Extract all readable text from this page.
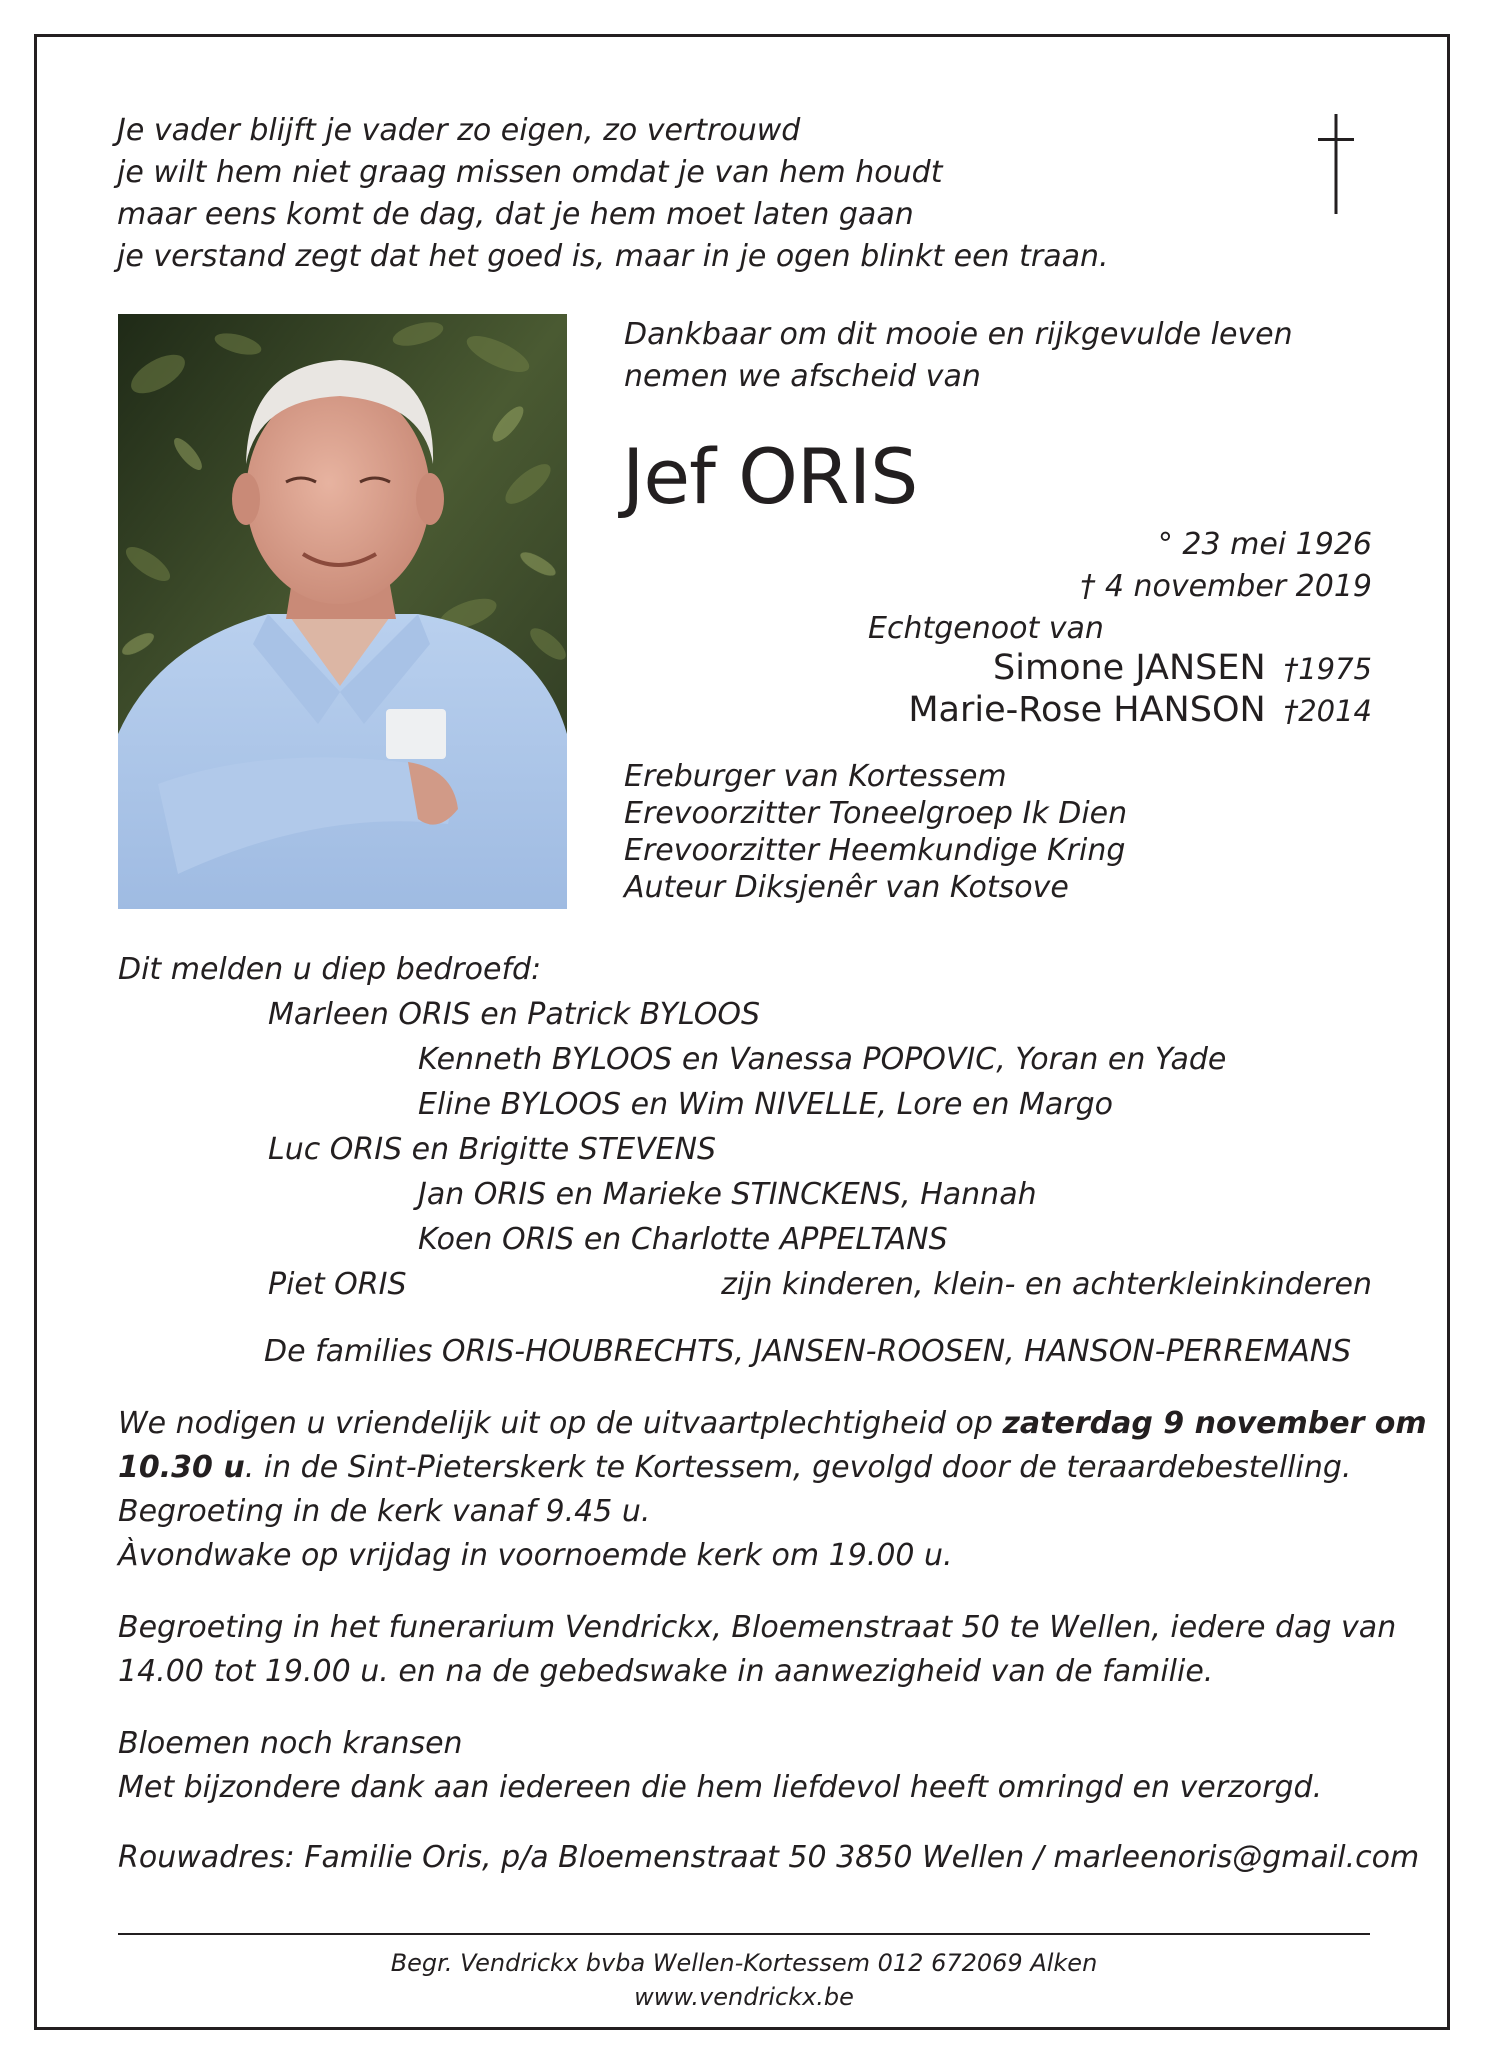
Je vader blijft je vader zo eigen, zo vertrouwd
je wilt hem niet graag missen omdat je van hem houdt
maar eens komt de dag, dat je hem moet laten gaan
je verstand zegt dat het goed is, maar in je ogen blinkt een traan.
Dankbaar om dit mooie en rijkgevulde leven
nemen we afscheid van
Jef ORIS
° 23 mei 1926
† 4 november 2019
Echtgenoot van
Simone JANSEN †1975
Marie-Rose HANSON †2014
Ereburger van Kortessem
Erevoorzitter Toneelgroep Ik Dien
Erevoorzitter Heemkundige Kring
Auteur Diksjenêr van Kotsove
Dit melden u diep bedroefd:
Marleen ORIS en Patrick BYLOOS
Kenneth BYLOOS en Vanessa POPOVIC, Yoran en Yade
Eline BYLOOS en Wim NIVELLE, Lore en Margo
Luc ORIS en Brigitte STEVENS
Jan ORIS en Marieke STINCKENS, Hannah
Koen ORIS en Charlotte APPELTANS
Piet ORIS	zijn kinderen, klein- en achterkleinkinderen
De families ORIS-HOUBRECHTS, JANSEN-ROOSEN, HANSON-PERREMANS
We nodigen u vriendelijk uit op de uitvaartplechtigheid op zaterdag 9 november om
10.30 u. in de Sint-Pieterskerk te Kortessem, gevolgd door de teraardebestelling.
Begroeting in de kerk vanaf 9.45 u.
Àvondwake op vrijdag in voornoemde kerk om 19.00 u.
Begroeting in het funerarium Vendrickx, Bloemenstraat 50 te Wellen, iedere dag van
14.00 tot 19.00 u. en na de gebedswake in aanwezigheid van de familie.
Bloemen noch kransen
Met bijzondere dank aan iedereen die hem liefdevol heeft omringd en verzorgd.
Rouwadres: Familie Oris, p/a Bloemenstraat 50 3850 Wellen / marleenoris@gmail.com
Begr. Vendrickx bvba Wellen-Kortessem 012 672069 Alken
www.vendrickx.be
